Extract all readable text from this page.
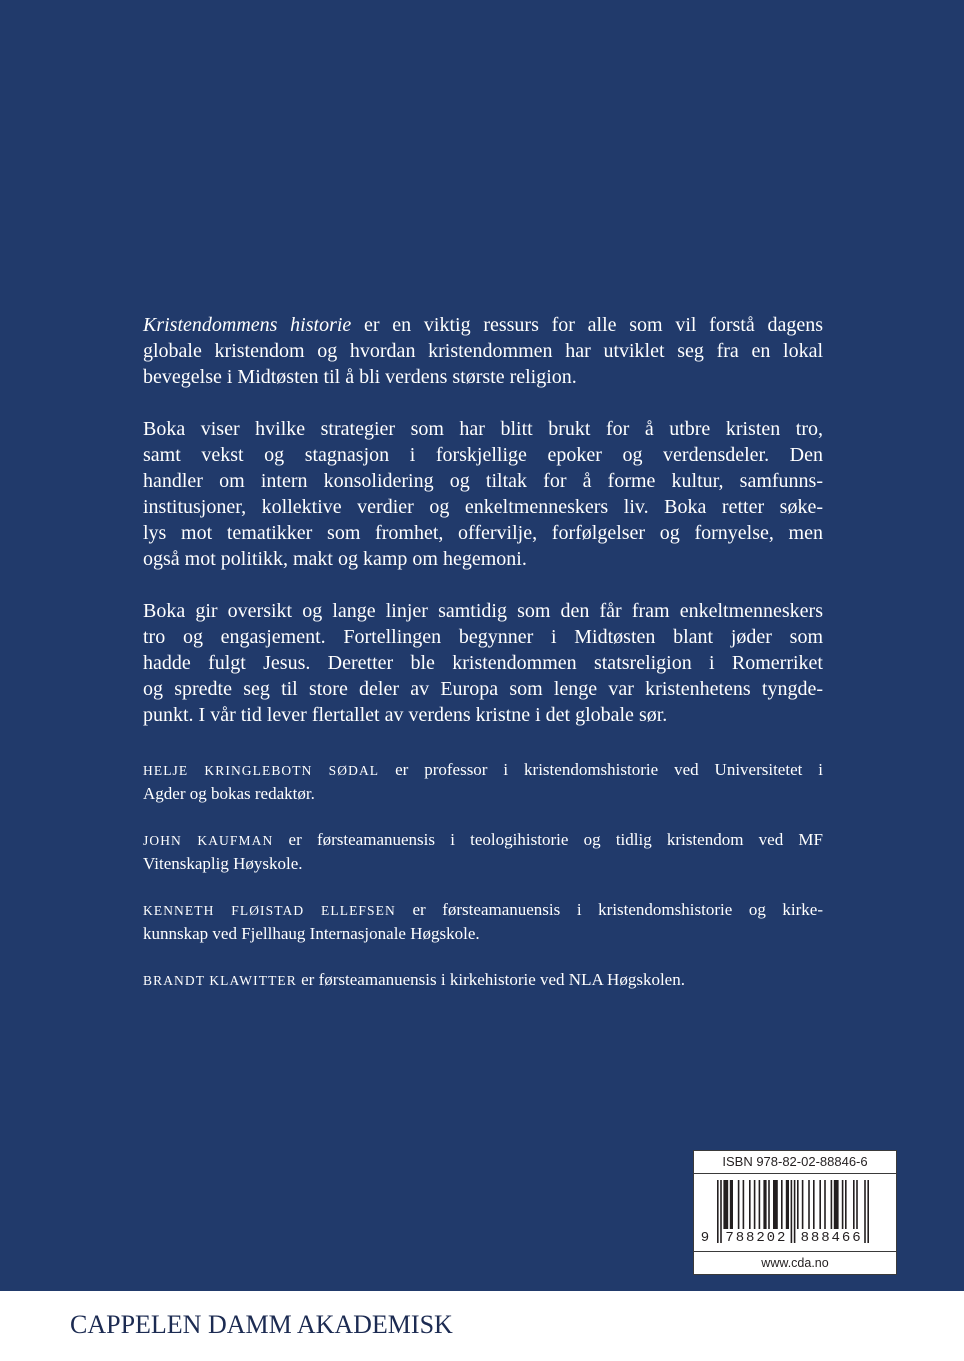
Kristendommens historie er en viktig ressurs for alle som vil forstå dagens
globale kristendom og hvordan kristendommen har utviklet seg fra en lokal
bevegelse i Midtøsten til å bli verdens største religion.
Boka viser hvilke strategier som har blitt brukt for å utbre kristen tro,
samt vekst og stagnasjon i forskjellige epoker og verdensdeler. Den
handler om intern konsolidering og tiltak for å forme kultur, samfunns-
institusjoner, kollektive verdier og enkeltmenneskers liv. Boka retter søke-
lys mot tematikker som fromhet, offervilje, forfølgelser og fornyelse, men
også mot politikk, makt og kamp om hegemoni.
Boka gir oversikt og lange linjer samtidig som den får fram enkeltmenneskers
tro og engasjement. Fortellingen begynner i Midtøsten blant jøder som
hadde fulgt Jesus. Deretter ble kristendommen statsreligion i Romerriket
og spredte seg til store deler av Europa som lenge var kristenhetens tyngde-
punkt. I vår tid lever flertallet av verdens kristne i det globale sør.
HELJE KRINGLEBOTN SØDAL er professor i kristendomshistorie ved Universitetet i
Agder og bokas redaktør.
JOHN KAUFMAN er førsteamanuensis i teologihistorie og tidlig kristendom ved MF
Vitenskaplig Høyskole.
KENNETH FLØISTAD ELLEFSEN er førsteamanuensis i kristendomshistorie og kirke-
kunnskap ved Fjellhaug Internasjonale Høgskole.
BRANDT KLAWITTER er førsteamanuensis i kirkehistorie ved NLA Høgskolen.
ISBN 978-82-02-88846-6
9 788202 888466
www.cda.no
CAPPELEN DAMM AKADEMISK
